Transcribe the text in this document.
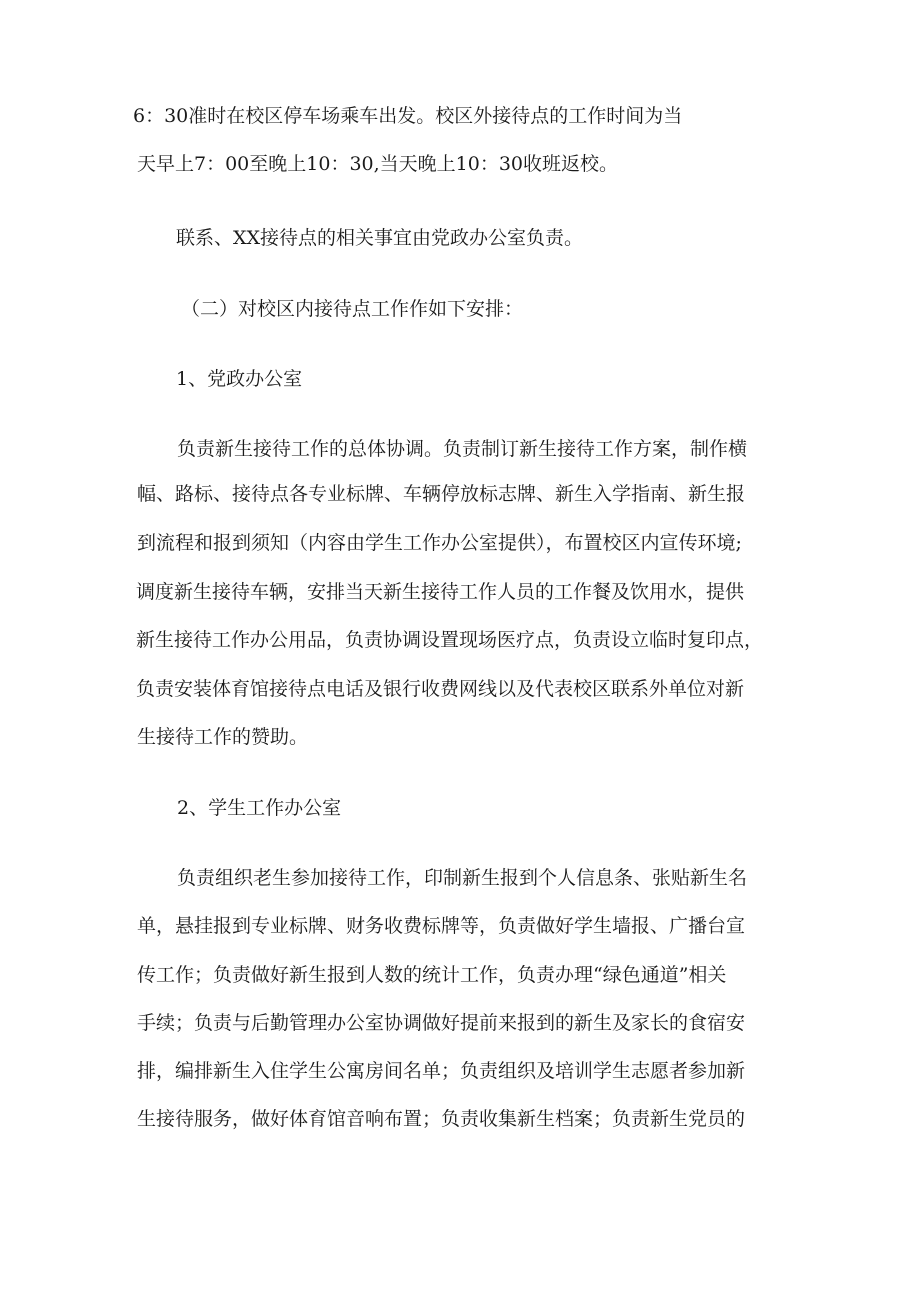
6：30准时在校区停车场乘车出发。校区外接待点的工作时间为当
天早上7：00至晚上10：30,当天晚上10：30收班返校。
联系、XX接待点的相关事宜由党政办公室负责。
（二）对校区内接待点工作作如下安排：
1、党政办公室
负责新生接待工作的总体协调。负责制订新生接待工作方案，制作横
幅、路标、接待点各专业标牌、车辆停放标志牌、新生入学指南、新生报
到流程和报到须知（内容由学生工作办公室提供），布置校区内宣传环境;
调度新生接待车辆，安排当天新生接待工作人员的工作餐及饮用水，提供
新生接待工作办公用品，负责协调设置现场医疗点，负责设立临时复印点，
负责安装体育馆接待点电话及银行收费网线以及代表校区联系外单位对新
生接待工作的赞助。
2、学生工作办公室
负责组织老生参加接待工作，印制新生报到个人信息条、张贴新生名
单，悬挂报到专业标牌、财务收费标牌等，负责做好学生墙报、广播台宣
传工作；负责做好新生报到人数的统计工作，负责办理“绿色通道”相关
手续；负责与后勤管理办公室协调做好提前来报到的新生及家长的食宿安
排，编排新生入住学生公寓房间名单；负责组织及培训学生志愿者参加新
生接待服务，做好体育馆音响布置；负责收集新生档案；负责新生党员的
